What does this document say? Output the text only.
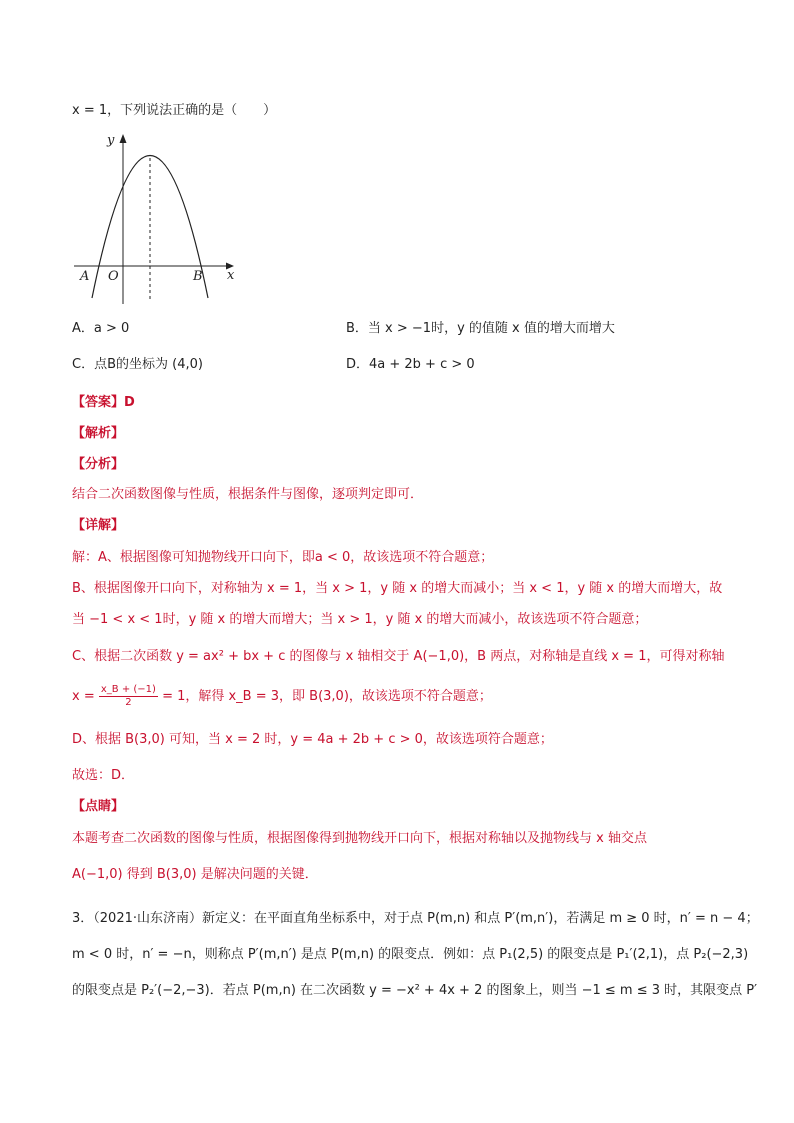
x = 1，下列说法正确的是（　　）
y
x
A O	B
A．a > 0	B．当 x > −1时，y 的值随 x 值的增大而增大
C．点B的坐标为 (4,0)	D．4a + 2b + c > 0
【答案】D
【解析】
【分析】
结合二次函数图像与性质，根据条件与图像，逐项判定即可．
【详解】
解：A、根据图像可知抛物线开口向下，即a < 0，故该选项不符合题意；
B、根据图像开口向下，对称轴为 x = 1，当 x > 1，y 随 x 的增大而减小；当 x < 1，y 随 x 的增大而增大，故
当 −1 < x < 1时，y 随 x 的增大而增大；当 x > 1，y 随 x 的增大而减小，故该选项不符合题意；
C、根据二次函数 y = ax² + bx + c 的图像与 x 轴相交于 A(−1,0)，B 两点，对称轴是直线 x = 1，可得对称轴
$x = \frac{x\_B + (-1)}{2} = 1$，解得 x_B = 3，即 B(3,0)，故该选项不符合题意；
D、根据 B(3,0) 可知，当 x = 2 时，y = 4a + 2b + c > 0，故该选项符合题意；
故选：D．
【点睛】
本题考查二次函数的图像与性质，根据图像得到抛物线开口向下，根据对称轴以及抛物线与 x 轴交点
A(−1,0) 得到 B(3,0) 是解决问题的关键．
3．（2021·山东济南）新定义：在平面直角坐标系中，对于点 P(m,n) 和点 P′(m,n′)，若满足 m ≥ 0 时，n′ = n − 4；
m < 0 时，n′ = −n，则称点 P′(m,n′) 是点 P(m,n) 的限变点．例如：点 P₁(2,5) 的限变点是 P₁′(2,1)，点 P₂(−2,3)
的限变点是 P₂′(−2,−3)．若点 P(m,n) 在二次函数 y = −x² + 4x + 2 的图象上，则当 −1 ≤ m ≤ 3 时，其限变点 P′
